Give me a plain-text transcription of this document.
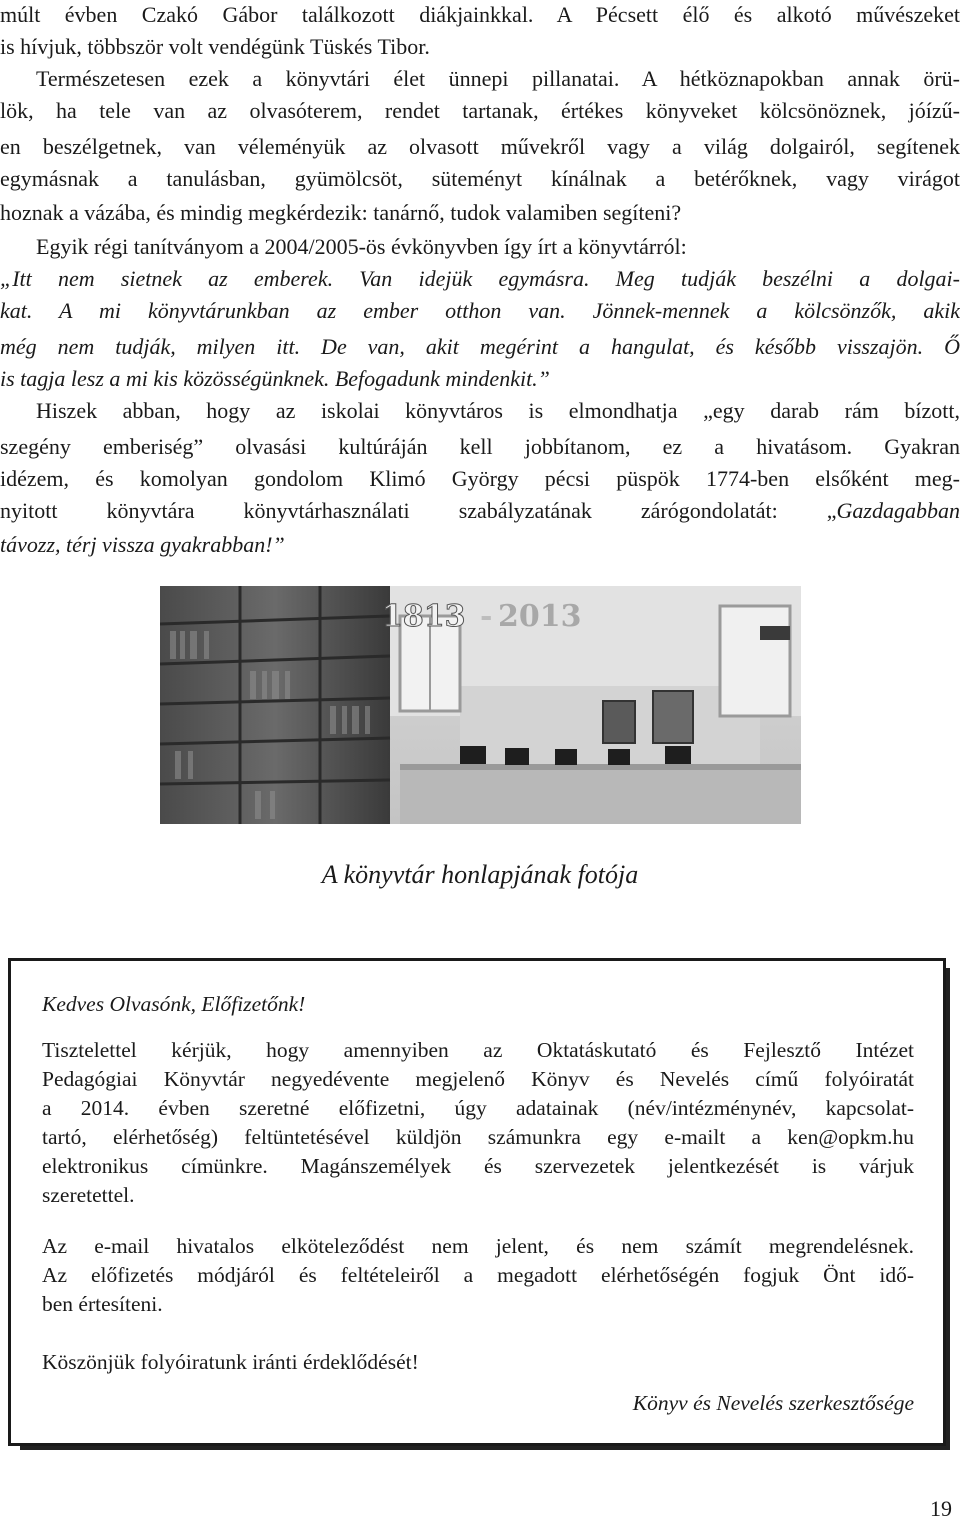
múlt évben Czakó Gábor találkozott diákjainkkal. A Pécsett élő és alkotó művészeket
is hívjuk, többször volt vendégünk Tüskés Tibor.
Természetesen ezek a könyvtári élet ünnepi pillanatai. A hétköznapokban annak örü-
lök, ha tele van az olvasóterem, rendet tartanak, értékes könyveket kölcsönöznek, jóízű-
en beszélgetnek, van véleményük az olvasott művekről vagy a világ dolgairól, segítenek
egymásnak a tanulásban, gyümölcsöt, süteményt kínálnak a betérőknek, vagy virágot
hoznak a vázába, és mindig megkérdezik: tanárnő, tudok valamiben segíteni?
Egyik régi tanítványom a 2004/2005-ös évkönyvben így írt a könyvtárról:
„Itt nem sietnek az emberek. Van idejük egymásra. Meg tudják beszélni a dolgai-
kat. A mi könyvtárunkban az ember otthon van. Jönnek-mennek a kölcsönzők, akik
még nem tudják, milyen itt. De van, akit megérint a hangulat, és később visszajön. Ő
is tagja lesz a mi kis közösségünknek. Befogadunk mindenkit.”
Hiszek abban, hogy az iskolai könyvtáros is elmondhatja „egy darab rám bízott,
szegény emberiség” olvasási kultúráján kell jobbítanom, ez a hivatásom. Gyakran
idézem, és komolyan gondolom Klimó György pécsi püspök 1774-ben elsőként meg-
nyitott könyvtára könyvtárhasználati szabályzatának zárógondolatát: „Gazdagabban
távozz, térj vissza gyakrabban!”
1813 - 2013
A könyvtár honlapjának fotója
Kedves Olvasónk, Előfizetőnk!
Tisztelettel kérjük, hogy amennyiben az Oktatáskutató és Fejlesztő Intézet
Pedagógiai Könyvtár negyedévente megjelenő Könyv és Nevelés című folyóiratát
a 2014. évben szeretné előfizetni, úgy adatainak (név/intézménynév, kapcsolat-
tartó, elérhetőség) feltüntetésével küldjön számunkra egy e-mailt a ken@opkm.hu
elektronikus címünkre. Magánszemélyek és szervezetek jelentkezését is várjuk
szeretettel.
Az e-mail hivatalos elköteleződést nem jelent, és nem számít megrendelésnek.
Az előfizetés módjáról és feltételeiről a megadott elérhetőségén fogjuk Önt idő-
ben értesíteni.
Köszönjük folyóiratunk iránti érdeklődését!
Könyv és Nevelés szerkesztősége
19
